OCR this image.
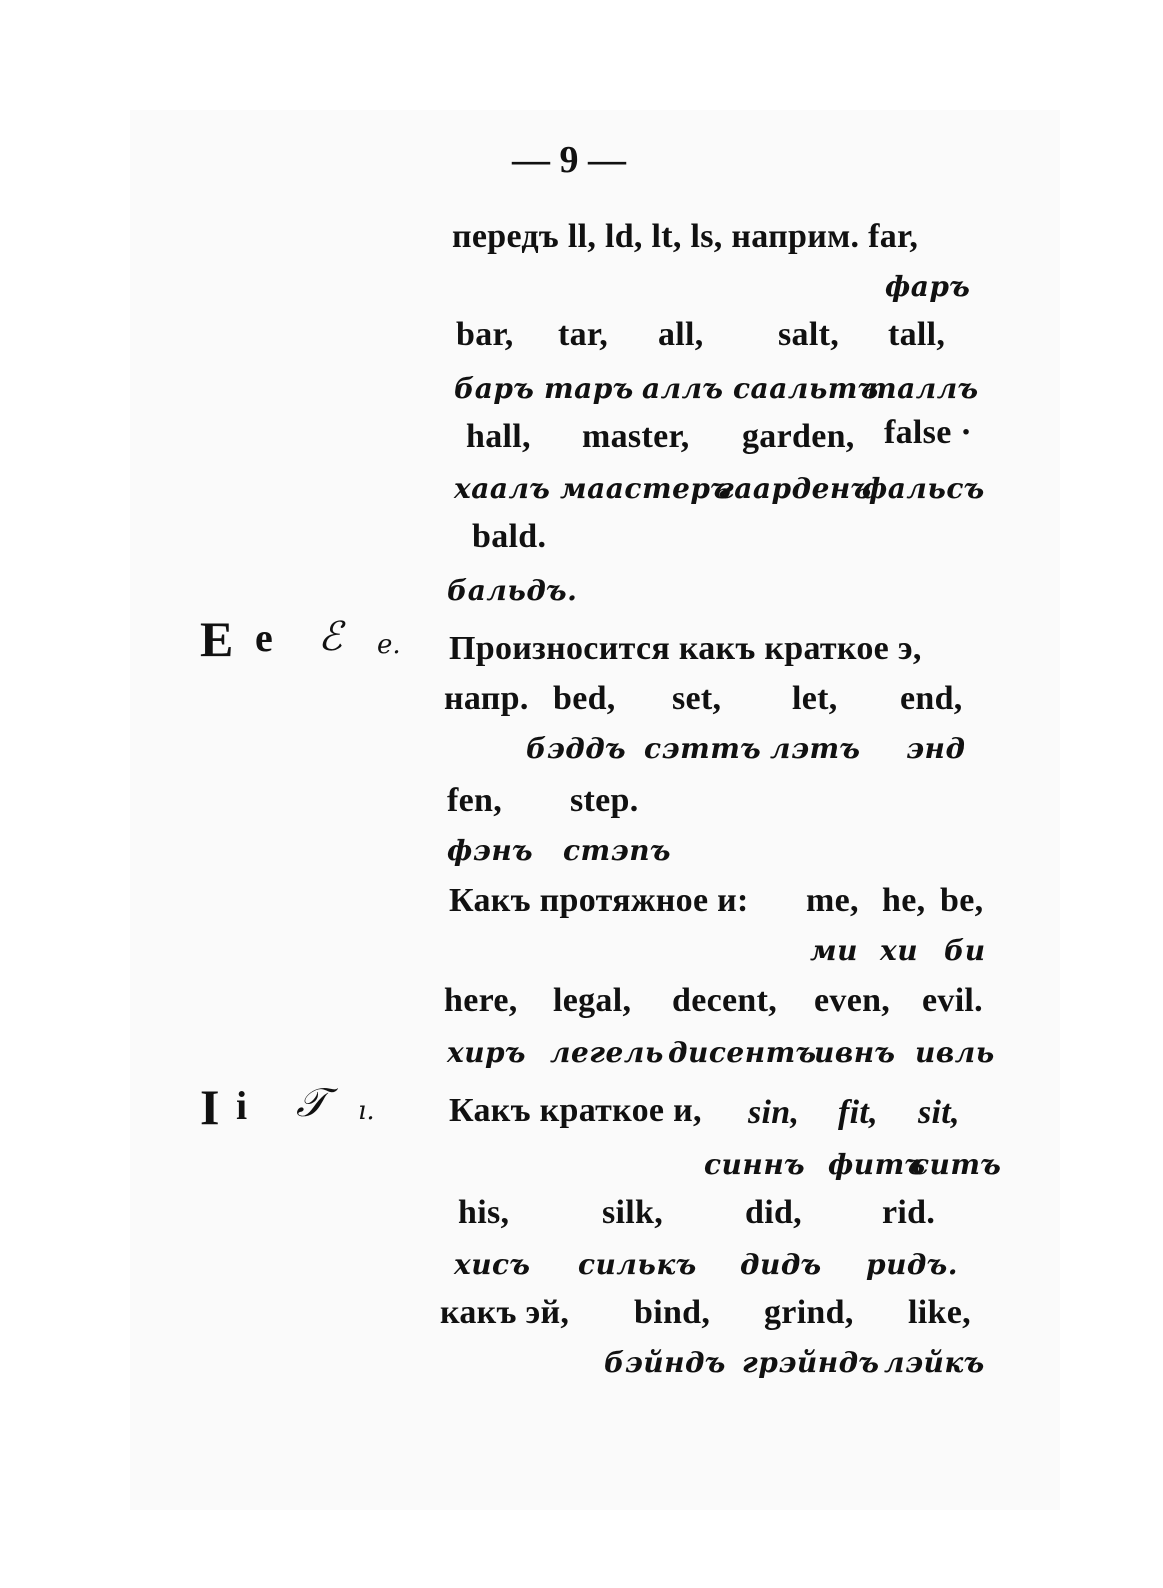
— 9 —
передъ ll, ld, lt, ls, наприм. far,
фаръ
bar, tar, all, salt, tall,
баръ таръ аллъ саальтъ
таллъ
hall, master, garden, false ·
хаалъ маастеръ
гаарденъ
фальсъ
bald.
бальдъ.
E e ℰ e. Произносится какъ краткое э,
напр. bed, set, let, end,
бэддъ сэттъ лэтъ энд
fen, step.
фэнъ стэпъ
Какъ протяжное и: me, he, be,
ми хи би
here, legal, decent, even, evil.
хиръ легель дисентъ
ивнъ ивль
I i 𝒯 ı. Какъ краткое и, sin, fit, sit,
синнъ фитъ
ситъ
his,	silk, did, rid.
хисъ силькъ дидъ ридъ.
какъ эй, bind, grind, like,
бэйндъ грэйндъ лэйкъ
